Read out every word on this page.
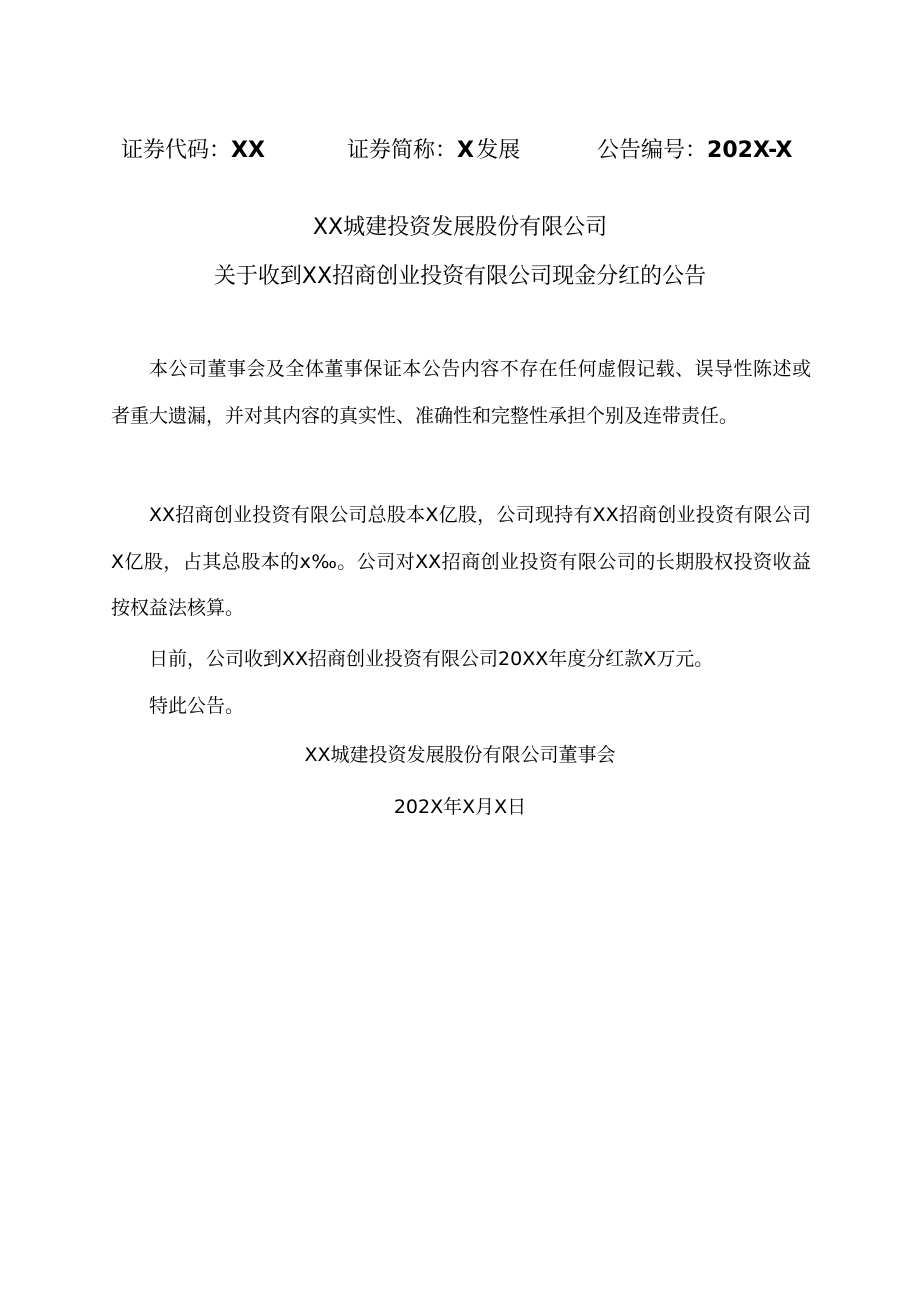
证券代码：XX	证券简称：X  发展	公告编号：202X-X
XX城建投资发展股份有限公司
关于收到XX招商创业投资有限公司现金分红的公告

本公司董事会及全体董事保证本公告内容不存在任何虚假记载、误导性陈述或者重大遗漏，并对其内容的真实性、准确性和完整性承担个别及连带责任。

XX招商创业投资有限公司总股本X亿股，公司现持有XX招商创业投资有限公司X亿股，占其总股本的x‰。公司对XX招商创业投资有限公司的长期股权投资收益按权益法核算。

日前，公司收到XX招商创业投资有限公司20XX年度分红款X万元。

特此公告。

XX城建投资发展股份有限公司董事会
202X年X月X日
